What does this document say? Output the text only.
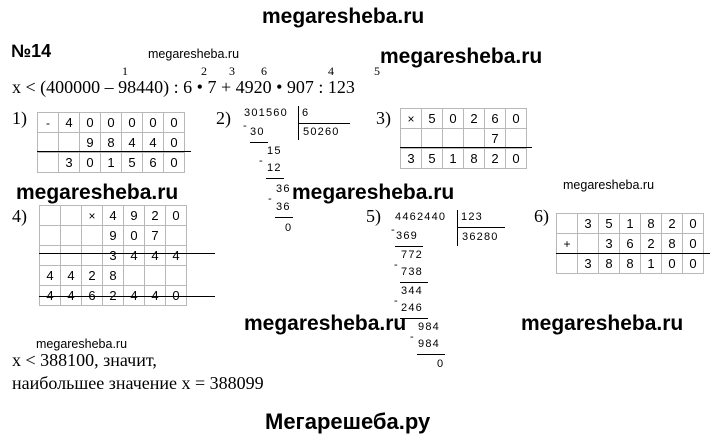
megaresheba.ru
megaresheba.ru	megaresheba.ru
megaresheba.ru	megaresheba.ru	megaresheba.ru
megaresheba.ru	megaresheba.ru
megaresheba.ru
№14
1	2 3 6	4	5
x < (400000 – 98440) : 6 • 7 + 4920 • 907 : 123
1) -	4	0	0	0	0	0
		9	8	4	4	0
	3	0	1	5	6	0
2) 301560 6
50260
- 30
15
-
12
36
-
36
0
3) ×	5	0	2	6	0
				7	
3	5	1	8	2	0
4)
			×	4	9	2	0
			9	0	7	
			3	4	4	4
4	4	2	8			
4	4	6	2	4	4	0
5) 4462440 123
36280
- 369
772
-
738
344
-
246
984
-
984
0
6)
		3	5	1	8	2	0
+		3	6	2	8	0
	3	8	8	1	0	0
x < 388100, значит,
наибольшее значение x = 388099
Мегарешеба.ру
